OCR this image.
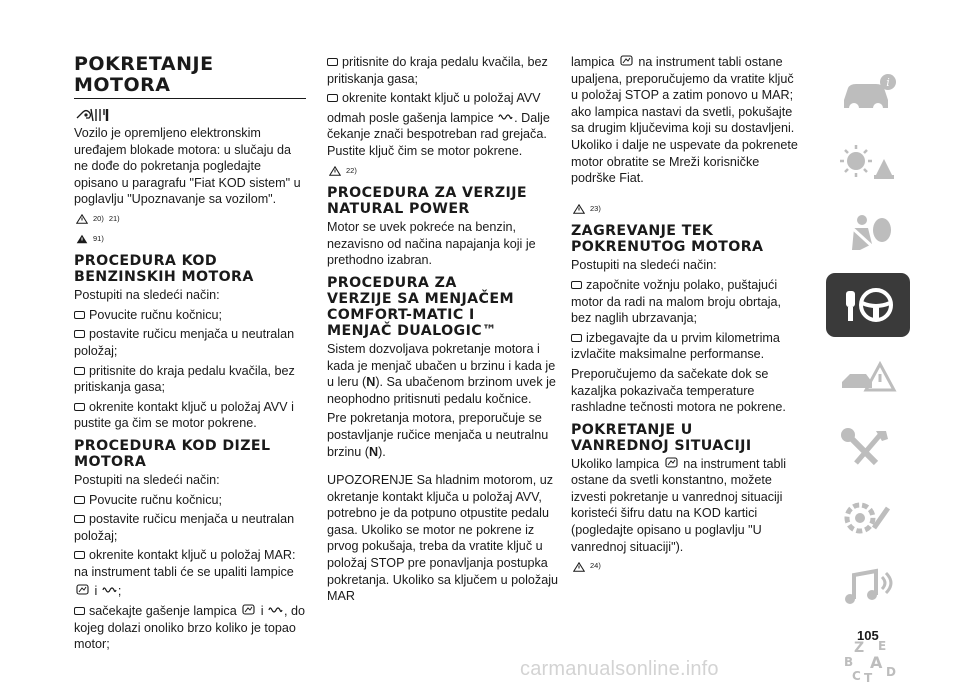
POKRETANJE
MOTORA

Vozilo je opremljeno elektronskim uređajem blokade motora: u slučaju da ne dođe do pokretanja pogledajte opisano u paragrafu "Fiat KOD sistem" u poglavlju "Upoznavanje sa vozilom".

20) 21)
91)
PROCEDURA KOD
BENZINSKIH MOTORA

Postupiti na sledeći način:

Povucite ručnu kočnicu;

postavite ručicu menjača u neutralan položaj;

pritisnite do kraja pedalu kvačila, bez pritiskanja gasa;

okrenite kontakt ključ u položaj AVV i pustite ga čim se motor pokrene.

PROCEDURA KOD DIZEL
MOTORA

Postupiti na sledeći način:

Povucite ručnu kočnicu;

postavite ručicu menjača u neutralan položaj;

okrenite kontakt ključ u položaj MAR: na instrument tabli će se upaliti lampice

i ;

sačekajte gašenje lampica i , do kojeg dolazi onoliko brzo koliko je topao motor;

pritisnite do kraja pedalu kvačila, bez pritiskanja gasa;

okrenite kontakt ključ u položaj AVV

odmah posle gašenja lampice . Dalje čekanje znači bespotreban rad grejača. Pustite ključ čim se motor pokrene.

22)
PROCEDURA ZA VERZIJE
NATURAL POWER

Motor se uvek pokreće na benzin, nezavisno od načina napajanja koji je prethodno izabran.

PROCEDURA ZA
VERZIJE SA MENJAČEM
COMFORT-MATIC I
MENJAČ DUALOGIC™

Sistem dozvoljava pokretanje motora i kada je menjač ubačen u brzinu i kada je u leru (N). Sa ubačenom brzinom uvek je neophodno pritisnuti pedalu kočnice.

Pre pokretanja motora, preporučuje se postavljanje ručice menjača u neutralnu brzinu (N).

UPOZORENJE Sa hladnim motorom, uz okretanje kontakt ključa u položaj AVV, potrebno je da potpuno otpustite pedalu gasa. Ukoliko se motor ne pokrene iz prvog pokušaja, treba da vratite ključ u položaj STOP pre ponavljanja postupka pokretanja. Ukoliko sa ključem u položaju MAR

lampica na instrument tabli ostane upaljena, preporučujemo da vratite ključ u položaj STOP a zatim ponovo u MAR; ako lampica nastavi da svetli, pokušajte sa drugim ključevima koji su dostavljeni. Ukoliko i dalje ne uspevate da pokrenete motor obratite se Mreži korisničke podrške Fiat.

23)
ZAGREVANJE TEK
POKRENUTOG MOTORA

Postupiti na sledeći način:

započnite vožnju polako, puštajući motor da radi na malom broju obrtaja, bez naglih ubrzavanja;

izbegavajte da u prvim kilometrima izvlačite maksimalne performanse.

Preporučujemo da sačekate dok se kazaljka pokazivača temperature rashladne tečnosti motora ne pokrene.

POKRETANJE U
VANREDNOJ SITUACIJI

Ukoliko lampica na instrument tabli ostane da svetli konstantno, možete izvesti pokretanje u vanrednoj situaciji koristeći šifru datu na KOD kartici (pogledajte opisano u poglavlju "U vanrednoj situaciji").

24)
i
Z E
B A
C T D
105
carmanualsonline.info
